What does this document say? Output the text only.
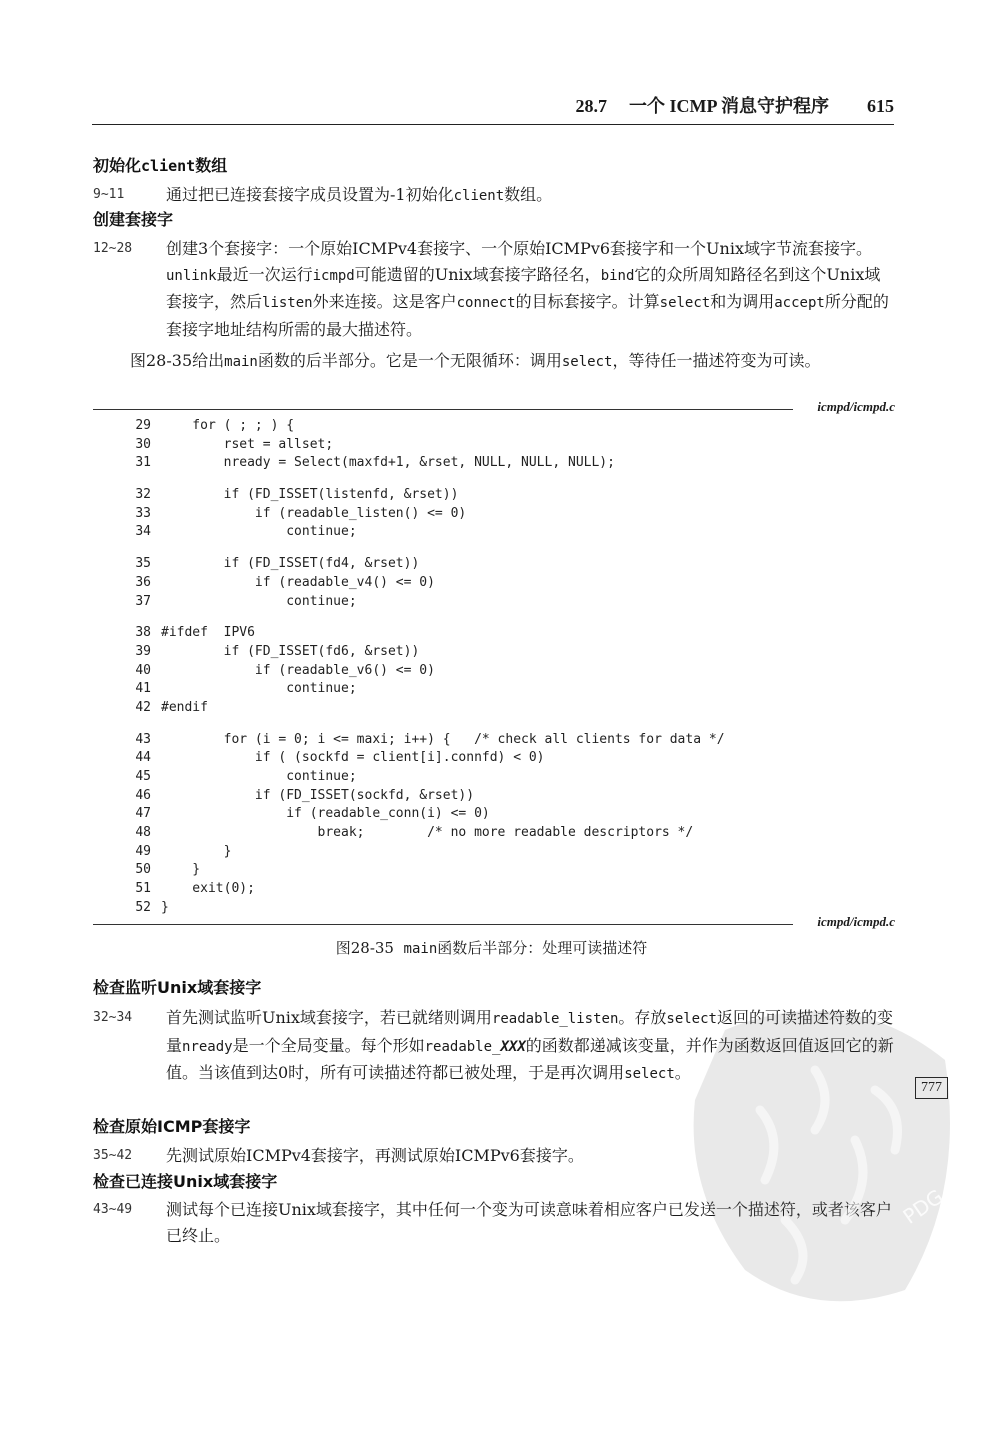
28.7 一个 ICMP 消息守护程序 615
初始化client数组
9~11	通过把已连接套接字成员设置为-1初始化client数组。
创建套接字
12~28 创建3个套接字：一个原始ICMPv4套接字、一个原始ICMPv6套接字和一个Unix域字节流套接字。unlink最近一次运行icmpd可能遗留的Unix域套接字路径名，bind它的众所周知路径名到这个Unix域套接字，然后listen外来连接。这是客户connect的目标套接字。计算select和为调用accept所分配的套接字地址结构所需的最大描述符。
图28-35给出main函数的后半部分。它是一个无限循环：调用select，等待任一描述符变为可读。
icmpd/icmpd.c
29 for ( ; ; ) {
30 rset = allset;
31 nready = Select(maxfd+1, &rset, NULL, NULL, NULL);
32 if (FD_ISSET(listenfd, &rset))
33 if (readable_listen() <= 0)
34 continue;
35 if (FD_ISSET(fd4, &rset))
36 if (readable_v4() <= 0)
37 continue;
38 #ifdef  IPV6
39 if (FD_ISSET(fd6, &rset))
40 if (readable_v6() <= 0)
41 continue;
42 #endif
43 for (i = 0; i <= maxi; i++) {   /* check all clients for data */
44 if ( (sockfd = client[i].connfd) < 0)
45 continue;
46 if (FD_ISSET(sockfd, &rset))
47 if (readable_conn(i) <= 0)
48 break;        /* no more readable descriptors */
49 }
50 }
51 exit(0);
52 }
icmpd/icmpd.c
图28-35 main函数后半部分：处理可读描述符
检查监听Unix域套接字
32~34 首先测试监听Unix域套接字，若已就绪则调用readable_listen。存放select返回的可读描述符数的变量nready是一个全局变量。每个形如readable_XXX的函数都递减该变量，并作为函数返回值返回它的新值。当该值到达0时，所有可读描述符都已被处理，于是再次调用select。
777
检查原始ICMP套接字
35~42 先测试原始ICMPv4套接字，再测试原始ICMPv6套接字。
检查已连接Unix域套接字
43~49 测试每个已连接Unix域套接字，其中任何一个变为可读意味着相应客户已发送一个描述符，或者该客户已终止。
PDG
